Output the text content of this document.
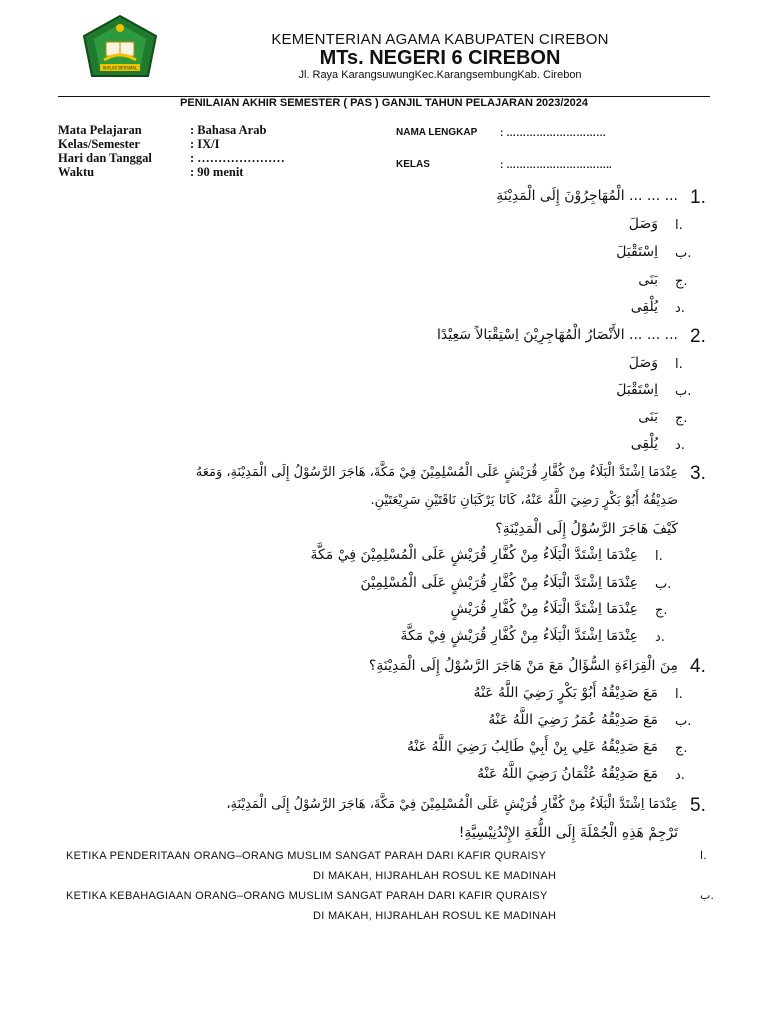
IKHLAS BERAMAL
KEMENTERIAN AGAMA KABUPATEN CIREBON
MTs. NEGERI 6 CIREBON
Jl. Raya KarangsuwungKec.KarangsembungKab. Cirebon
PENILAIAN AKHIR SEMESTER ( PAS ) GANJIL TAHUN PELAJARAN 2023/2024
Mata Pelajaran
Kelas/Semester
Hari dan Tanggal
Waktu
: Bahasa Arab
: IX/I
: …………………
: 90 menit
NAMA LENGKAP : …………………………
KELAS	: …………………………..
1.
... ... ... الْمُهَاجِرُوْنَ إِلَى الْمَدِيْنَةِ
ا.
وَصَلَ
ب.
اِسْتَقْبَلَ
ج.
بَنَى
د.
يُلْقِى
2.
... ... ... الأَنْصَارُ الْمُهَاجِرِيْنَ اِسْتِقْبَالاً سَعِيْدًا
ا.
وَصَلَ
ب.
اِسْتَقْبَلَ
ج.
بَنَى
د.
يُلْقِى
3.
عِنْدَمَا اِشْتَدَّ الْبَلَاءُ مِنْ كُفَّارِ قُرَيْشٍ عَلَى الْمُسْلِمِيْنَ فِيْ مَكَّةَ، هَاجَرَ الرَّسُوْلُ إِلَى الْمَدِيْنَةِ، وَمَعَهُ
صَدِيْقُهُ أَبُوْ بَكْرٍ رَضِيَ اللَّهُ عَنْهُ، كَانَا يَرْكَبَانِ نَاقَتَيْنِ سَرِيْعَتَيْنِ.
كَيْفَ هَاجَرَ الرَّسُوْلُ إِلَى الْمَدِيْنَةِ؟
ا.
عِنْدَمَا اِشْتَدَّ الْبَلَاءُ مِنْ كُفَّارِ قُرَيْشٍ عَلَى الْمُسْلِمِيْنَ فِيْ مَكَّةَ
ب.
عِنْدَمَا اِشْتَدَّ الْبَلَاءُ مِنْ كُفَّارِ قُرَيْشٍ عَلَى الْمُسْلِمِيْنَ
ج.
عِنْدَمَا اِشْتَدَّ الْبَلَاءُ مِنْ كُفَّارِ قُرَيْشٍ
د.
عِنْدَمَا اِشْتَدَّ الْبَلَاءُ مِنْ كُفَّارِ قُرَيْشٍ فِيْ مَكَّةَ
4.
مِنَ الْقِرَاءَةِ السُّؤَالُ مَعَ مَنْ هَاجَرَ الرَّسُوْلُ إِلَى الْمَدِيْنَةِ؟
ا.
مَعَ صَدِيْقُهُ أَبُوْ بَكْرٍ رَضِيَ اللَّهُ عَنْهُ
ب.
مَعَ صَدِيْقُهُ عُمَرُ رَضِيَ اللَّهُ عَنْهُ
ج.
مَعَ صَدِيْقُهُ عَلِي بِنْ أَبِيْ طَالِبُ رَضِيَ اللَّهُ عَنْهُ
د.
مَعَ صَدِيْقُهُ عُثْمَانُ رَضِيَ اللَّهُ عَنْهُ
5.
عِنْدَمَا اِشْتَدَّ الْبَلَاءُ مِنْ كُفَّارِ قُرَيْشٍ عَلَى الْمُسْلِمِيْنَ فِيْ مَكَّةَ، هَاجَرَ الرَّسُوْلُ إِلَى الْمَدِيْنَةِ،
تَرْجِمْ هَذِهِ الْجُمْلَةَ إِلَى اللُّغَةِ الإِنْدُنِيْسِيَّةِ!
ا.
KETIKA PENDERITAAN ORANG–ORANG MUSLIM SANGAT PARAH DARI KAFIR QURAISY
DI MAKAH, HIJRAHLAH ROSUL KE MADINAH
ب.
KETIKA KEBAHAGIAAN ORANG–ORANG MUSLIM SANGAT PARAH DARI KAFIR QURAISY
DI MAKAH, HIJRAHLAH ROSUL KE MADINAH
